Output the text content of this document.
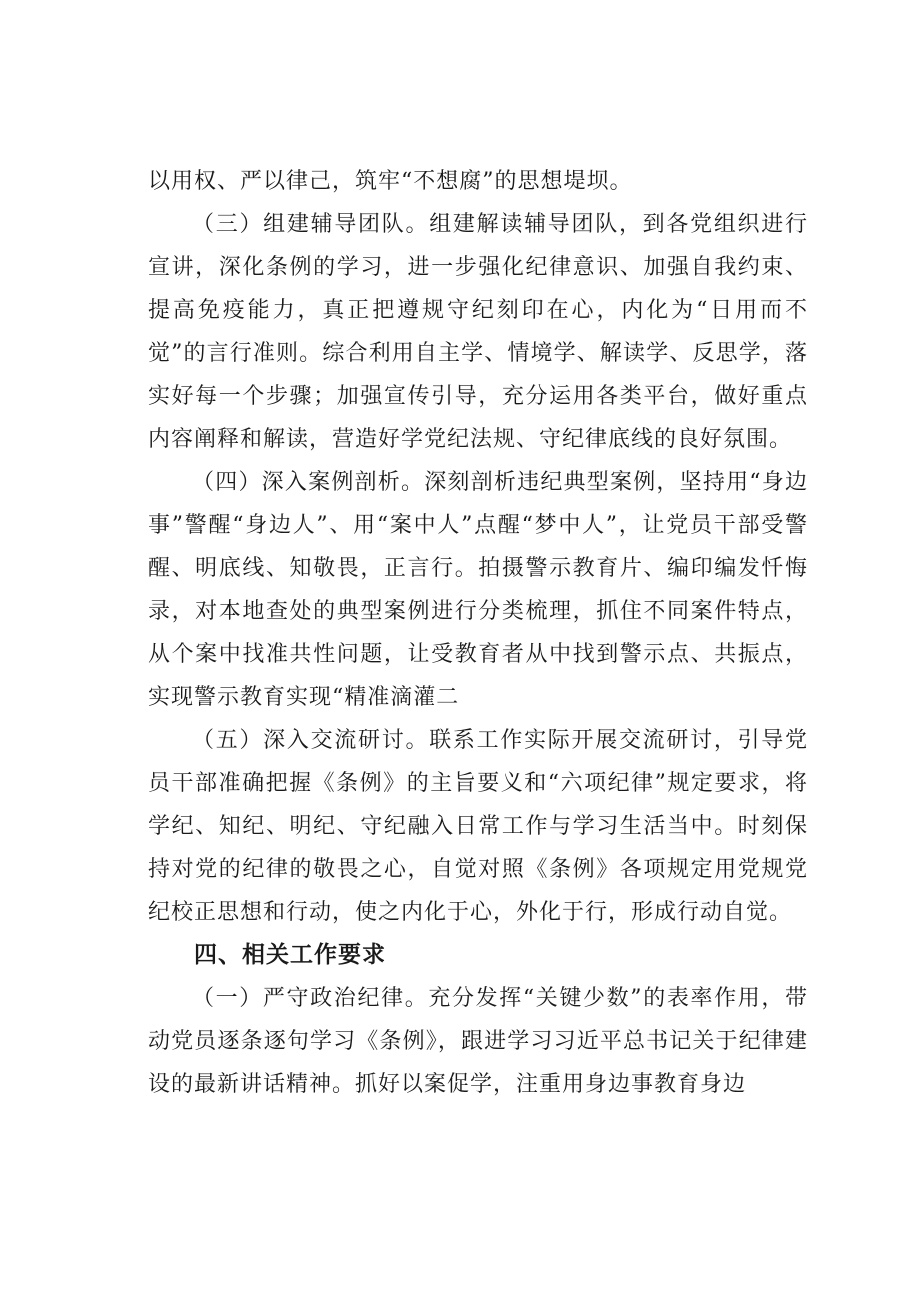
以用权、严以律己，筑牢“不想腐”的思想堤坝。

（三）组建辅导团队。组建解读辅导团队，到各党组织进行宣讲，深化条例的学习，进一步强化纪律意识、加强自我约束、提高免疫能力，真正把遵规守纪刻印在心，内化为“日用而不觉”的言行准则。综合利用自主学、情境学、解读学、反思学，落实好每一个步骤；加强宣传引导，充分运用各类平台，做好重点内容阐释和解读，营造好学党纪法规、守纪律底线的良好氛围。

（四）深入案例剖析。深刻剖析违纪典型案例，坚持用“身边事”警醒“身边人”、用“案中人”点醒“梦中人”，让党员干部受警醒、明底线、知敬畏，正言行。拍摄警示教育片、编印编发忏悔录，对本地查处的典型案例进行分类梳理，抓住不同案件特点，从个案中找准共性问题，让受教育者从中找到警示点、共振点，实现警示教育实现“精准滴灌二

（五）深入交流研讨。联系工作实际开展交流研讨，引导党员干部准确把握《条例》的主旨要义和“六项纪律”规定要求，将学纪、知纪、明纪、守纪融入日常工作与学习生活当中。时刻保持对党的纪律的敬畏之心，自觉对照《条例》各项规定用党规党纪校正思想和行动，使之内化于心，外化于行，形成行动自觉。

四、相关工作要求

（一）严守政治纪律。充分发挥“关键少数”的表率作用，带动党员逐条逐句学习《条例》，跟进学习习近平总书记关于纪律建设的最新讲话精神。抓好以案促学，注重用身边事教育身边
